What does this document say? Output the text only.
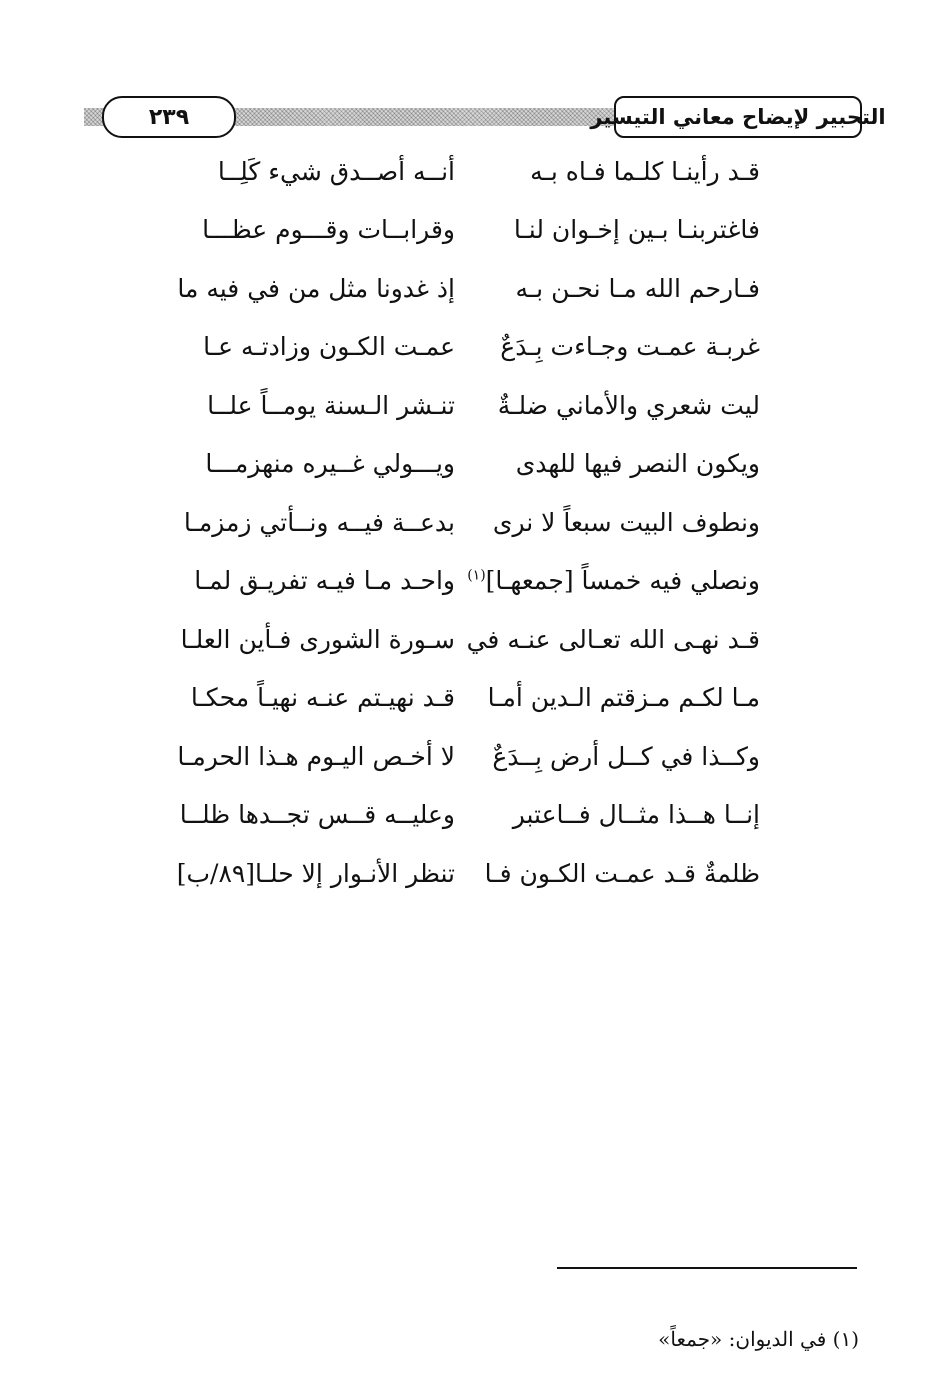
٢٣٩	التحبير لإيضاح معاني التيسير
قـد رأينـا كلـما فـاه بـه
أنــه أصــدق شيء كَلِــا
فاغتربنـا بـين إخـوان لنـا
وقرابــات وقـــوم عظـــا
فـارحم الله مـا نحـن بـه
إذ غدونا مثل من في فيه ما
غربـة عمـت وجـاءت بِـدَعٌ
عمـت الكـون وزادتـه عـا
ليت شعري والأماني ضلـةٌ
تنـشر الـسنة يومــاً علــا
ويكون النصر فيها للهدى
ويـــولي غــيره منهزمـــا
ونطوف البيت سبعاً لا نرى
بدعــة فيــه ونــأتي زمزمـا
ونصلي فيه خمساً [جمعهـا]$^{(١)}$
واحـد مـا فيـه تفريـق لمـا
قـد نهـى الله تعـالى عنـه في
سـورة الشورى فـأين العلـا
مـا لكـم مـزقتم الـدين أمـا
قـد نهيـتم عنـه نهيـاً محكـا
وكــذا في كــل أرض بِــدَعٌ
لا أخـص اليـوم هـذا الحرمـا
إنــا هــذا مثــال فــاعتبر
وعليــه قــس تجــدها ظلــا
ظلمةٌ قـد عمـت الكـون فـا
تنظر الأنـوار إلا حلـا[٨٩/ب]
(١) في الديوان: «جمعاً»
